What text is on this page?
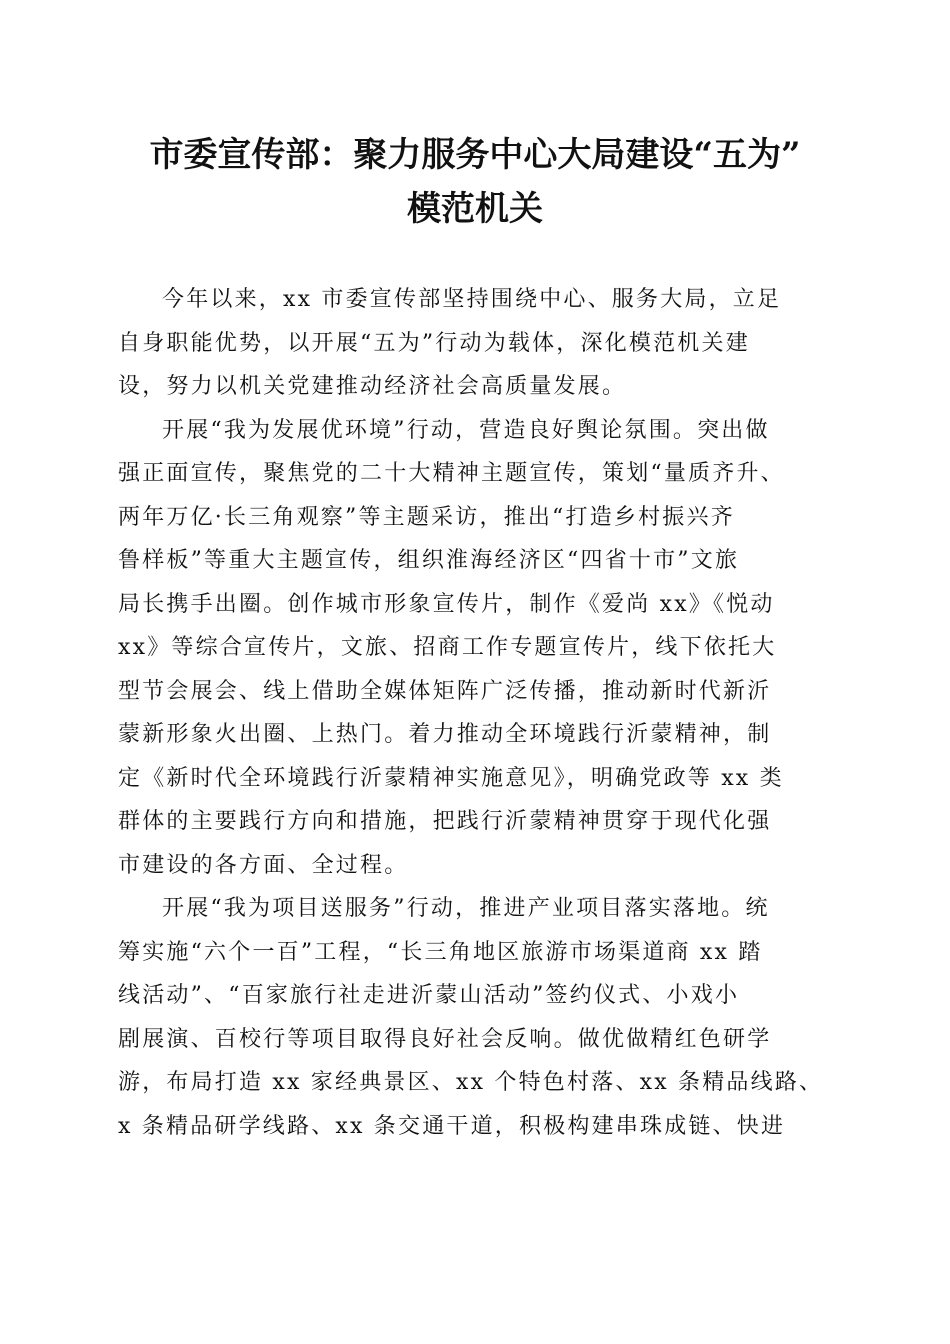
市委宣传部：聚力服务中心大局建设“五为”
模范机关
今年以来，xx 市委宣传部坚持围绕中心、服务大局，立足
自身职能优势，以开展“五为”行动为载体，深化模范机关建
设，努力以机关党建推动经济社会高质量发展。
开展“我为发展优环境”行动，营造良好舆论氛围。突出做
强正面宣传，聚焦党的二十大精神主题宣传，策划“量质齐升、
两年万亿·长三角观察”等主题采访，推出“打造乡村振兴齐
鲁样板”等重大主题宣传，组织淮海经济区“四省十市”文旅
局长携手出圈。创作城市形象宣传片，制作《爱尚 xx》《悦动
xx》等综合宣传片，文旅、招商工作专题宣传片，线下依托大
型节会展会、线上借助全媒体矩阵广泛传播，推动新时代新沂
蒙新形象火出圈、上热门。着力推动全环境践行沂蒙精神，制
定《新时代全环境践行沂蒙精神实施意见》，明确党政等 xx 类
群体的主要践行方向和措施，把践行沂蒙精神贯穿于现代化强
市建设的各方面、全过程。
开展“我为项目送服务”行动，推进产业项目落实落地。统
筹实施“六个一百”工程，“长三角地区旅游市场渠道商 xx 踏
线活动”、“百家旅行社走进沂蒙山活动”签约仪式、小戏小
剧展演、百校行等项目取得良好社会反响。做优做精红色研学
游，布局打造 xx 家经典景区、xx 个特色村落、xx 条精品线路、
x 条精品研学线路、xx 条交通干道，积极构建串珠成链、快进
